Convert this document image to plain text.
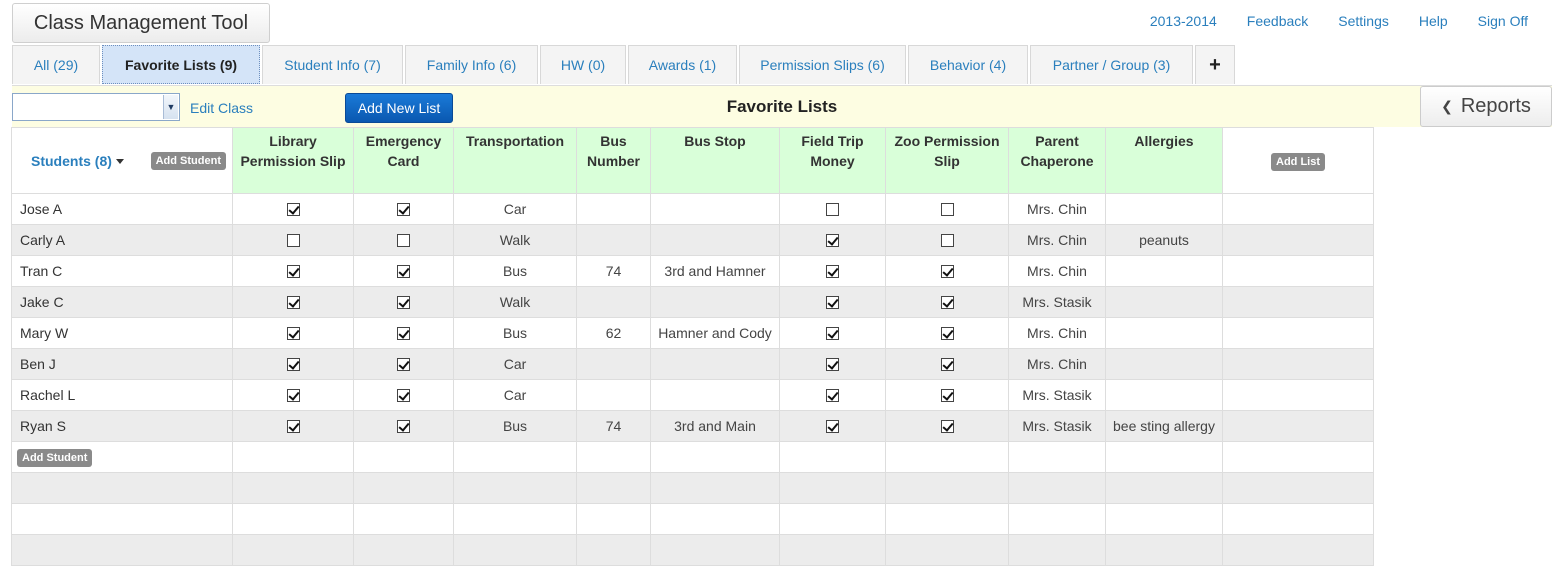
Class Management Tool	2013-2014 Feedback Settings Help Sign Off
All (29)	Favorite Lists (9)	Student Info (7)	Family Info (6)	HW (0)	Awards (1)	Permission Slips (6)	Behavior (4)	Partner / Group (3)	+
▼ Edit Class	Add New List	Favorite Lists	❮ Reports
Students (8) Add Student	Library Permission Slip	Emergency Card	Transportation	Bus Number	Bus Stop	Field Trip Money	Zoo Permission Slip	Parent Chaperone	Allergies	Add List
Jose A			Car					Mrs. Chin		
Carly A			Walk					Mrs. Chin	peanuts	
Tran C			Bus	74	3rd and Hamner			Mrs. Chin		
Jake C			Walk					Mrs. Stasik		
Mary W			Bus	62	Hamner and Cody			Mrs. Chin		
Ben J			Car					Mrs. Chin		
Rachel L			Car					Mrs. Stasik		
Ryan S			Bus	74	3rd and Main			Mrs. Stasik	bee sting allergy	
Add Student										
